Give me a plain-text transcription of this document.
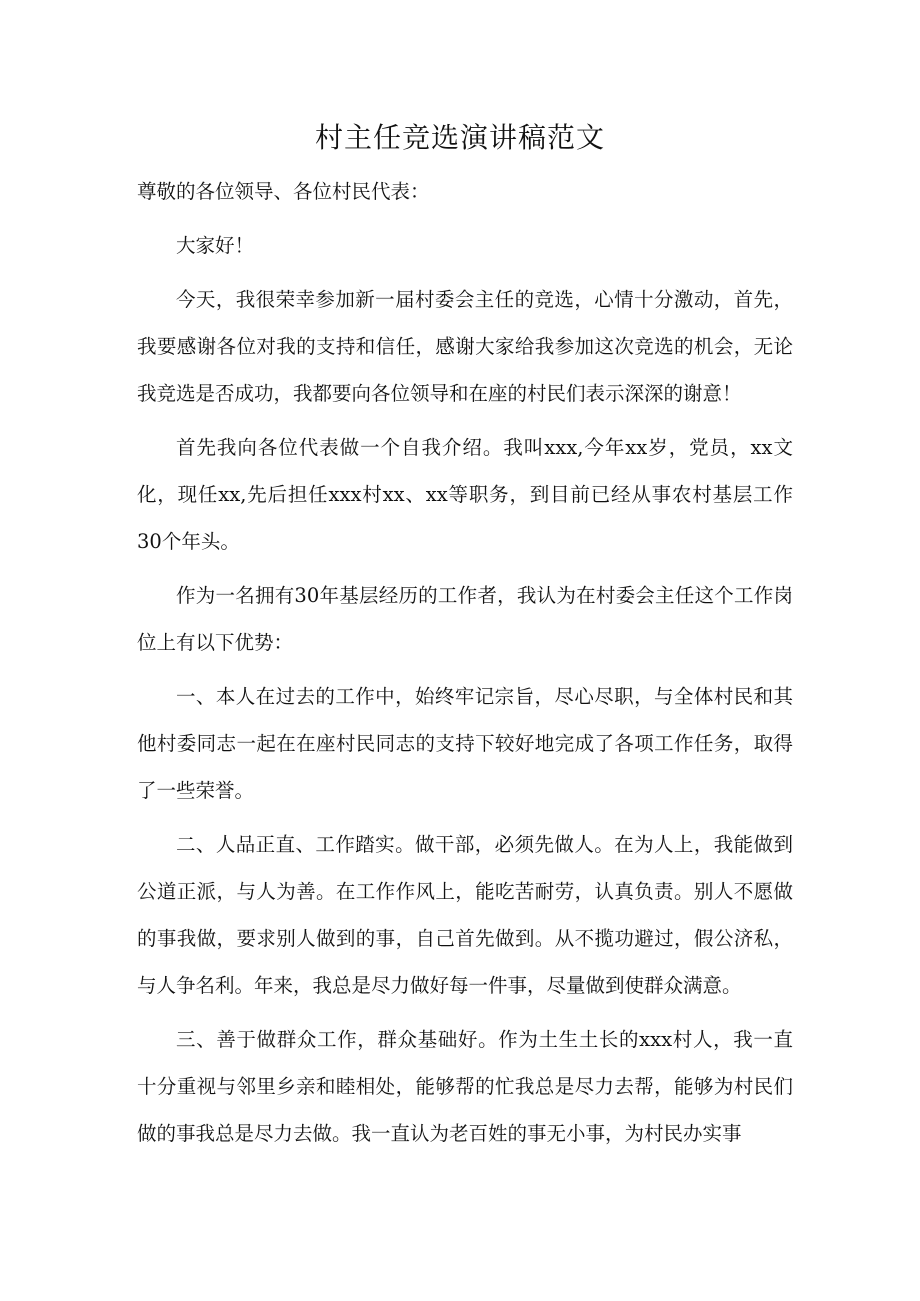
村主任竞选演讲稿范文

尊敬的各位领导、各位村民代表：

大家好！

今天，我很荣幸参加新一届村委会主任的竞选，心情十分激动，首先，我要感谢各位对我的支持和信任，感谢大家给我参加这次竞选的机会，无论我竞选是否成功，我都要向各位领导和在座的村民们表示深深的谢意！

首先我向各位代表做一个自我介绍。我叫xxx,今年xx岁，党员，xx文化，现任xx,先后担任xxx村xx、xx等职务，到目前已经从事农村基层工作30个年头。

作为一名拥有30年基层经历的工作者，我认为在村委会主任这个工作岗位上有以下优势：

一、本人在过去的工作中，始终牢记宗旨，尽心尽职，与全体村民和其他村委同志一起在在座村民同志的支持下较好地完成了各项工作任务，取得了一些荣誉。

二、人品正直、工作踏实。做干部，必须先做人。在为人上，我能做到公道正派，与人为善。在工作作风上，能吃苦耐劳，认真负责。别人不愿做的事我做，要求别人做到的事，自己首先做到。从不揽功避过，假公济私，与人争名利。年来，我总是尽力做好每一件事，尽量做到使群众满意。

三、善于做群众工作，群众基础好。作为土生土长的xxx村人，我一直十分重视与邻里乡亲和睦相处，能够帮的忙我总是尽力去帮，能够为村民们做的事我总是尽力去做。我一直认为老百姓的事无小事，为村民办实事
